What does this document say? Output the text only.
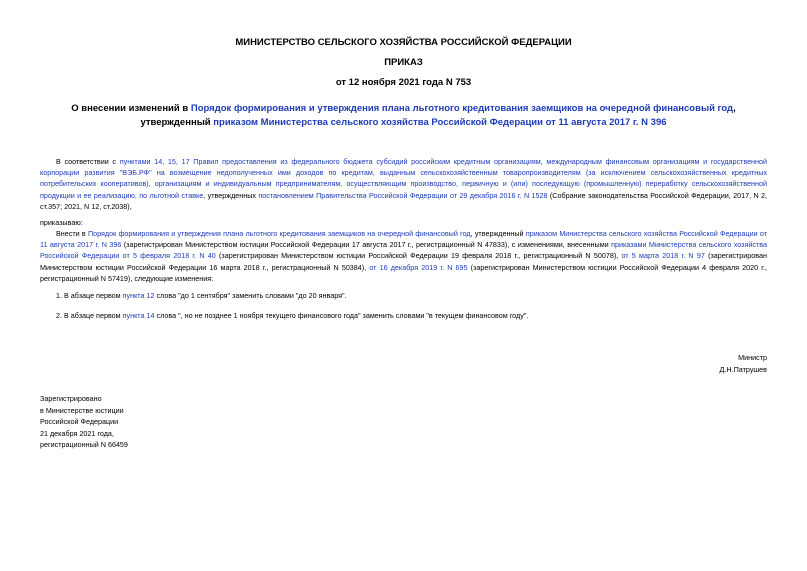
МИНИСТЕРСТВО СЕЛЬСКОГО ХОЗЯЙСТВА РОССИЙСКОЙ ФЕДЕРАЦИИ
ПРИКАЗ
от 12 ноября 2021 года N 753
О внесении изменений в Порядок формирования и утверждения плана льготного кредитования заемщиков на очередной финансовый год, утвержденный приказом Министерства сельского хозяйства Российской Федерации от 11 августа 2017 г. N 396
В соответствии с пунктами 14, 15, 17 Правил предоставления из федерального бюджета субсидий российским кредитным организациям, международным финансовым организациям и государственной корпорации развития "ВЭБ.РФ" на возмещение недополученных ими доходов по кредитам, выданным сельскохозяйственным товаропроизводителям (за исключением сельскохозяйственных кредитных потребительских кооперативов), организациям и индивидуальным предпринимателям, осуществляющим производство, первичную и (или) последующую (промышленную) переработку сельскохозяйственной продукции и ее реализацию, по льготной ставке, утвержденных постановлением Правительства Российской Федерации от 29 декабря 2016 г. N 1528 (Собрание законодательства Российской Федерации, 2017, N 2, ст.357; 2021, N 12, ст.2038),
приказываю:
Внести в Порядок формирования и утверждения плана льготного кредитования заемщиков на очередной финансовый год, утвержденный приказом Министерства сельского хозяйства Российской Федерации от 11 августа 2017 г. N 396 (зарегистрирован Министерством юстиции Российской Федерации 17 августа 2017 г., регистрационный N 47833), с изменениями, внесенными приказами Министерства сельского хозяйства Российской Федерации от 5 февраля 2018 г. N 40 (зарегистрирован Министерством юстиции Российской Федерации 19 февраля 2018 г., регистрационный N 50078), от 5 марта 2018 г. N 97 (зарегистрирован Министерством юстиции Российской Федерации 16 марта 2018 г., регистрационный N 50384), от 16 декабря 2019 г. N 695 (зарегистрирован Министерством юстиции Российской Федерации 4 февраля 2020 г., регистрационный N 57419), следующие изменения:
1. В абзаце первом пункта 12 слова "до 1 сентября" заменить словами "до 20 января".
2. В абзаце первом пункта 14 слова ", но не позднее 1 ноября текущего финансового года" заменить словами "в текущем финансовом году".
Министр
Д.Н.Патрушев
Зарегистрировано
в Министерстве юстиции
Российской Федерации
21 декабря 2021 года,
регистрационный N 66459
